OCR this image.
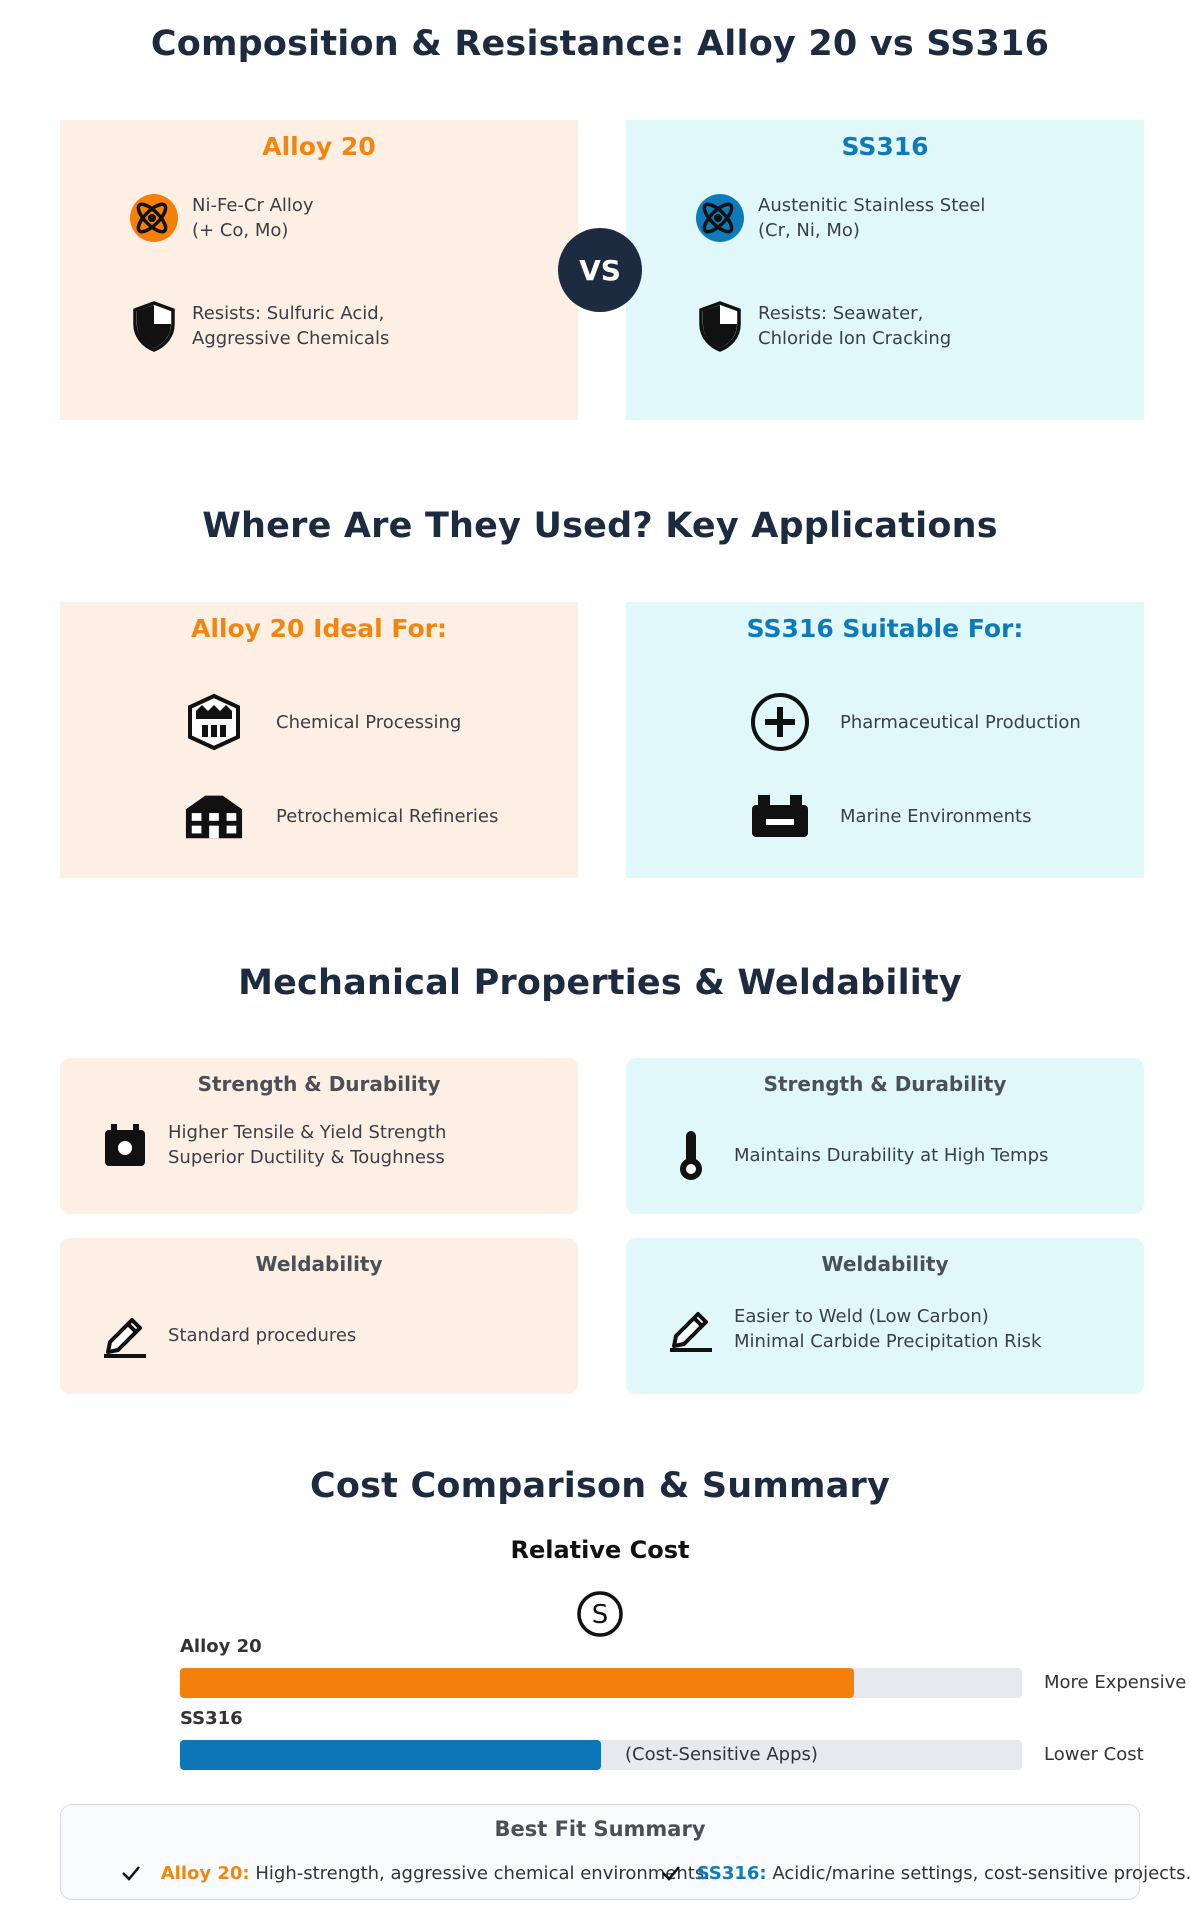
Composition & Resistance: Alloy 20 vs SS316
Alloy 20
Ni-Fe-Cr Alloy
(+ Co, Mo)
Resists: Sulfuric Acid,
Aggressive Chemicals
SS316
Austenitic Stainless Steel
(Cr, Ni, Mo)
Resists: Seawater,
Chloride Ion Cracking
VS
Where Are They Used? Key Applications
Alloy 20 Ideal For:
Chemical Processing
Petrochemical Refineries
SS316 Suitable For:
Pharmaceutical Production
Marine Environments
Mechanical Properties & Weldability
Strength & Durability
Higher Tensile & Yield Strength
Superior Ductility & Toughness
Strength & Durability
Maintains Durability at High Temps
Weldability
Standard procedures
Weldability
Easier to Weld (Low Carbon)
Minimal Carbide Precipitation Risk
Cost Comparison & Summary
Relative Cost
S
Alloy 20
More Expensive
SS316
(Cost-Sensitive Apps)	Lower Cost
Best Fit Summary
Alloy 20: High-strength, aggressive chemical environments.
SS316: Acidic/marine settings, cost-sensitive projects.
